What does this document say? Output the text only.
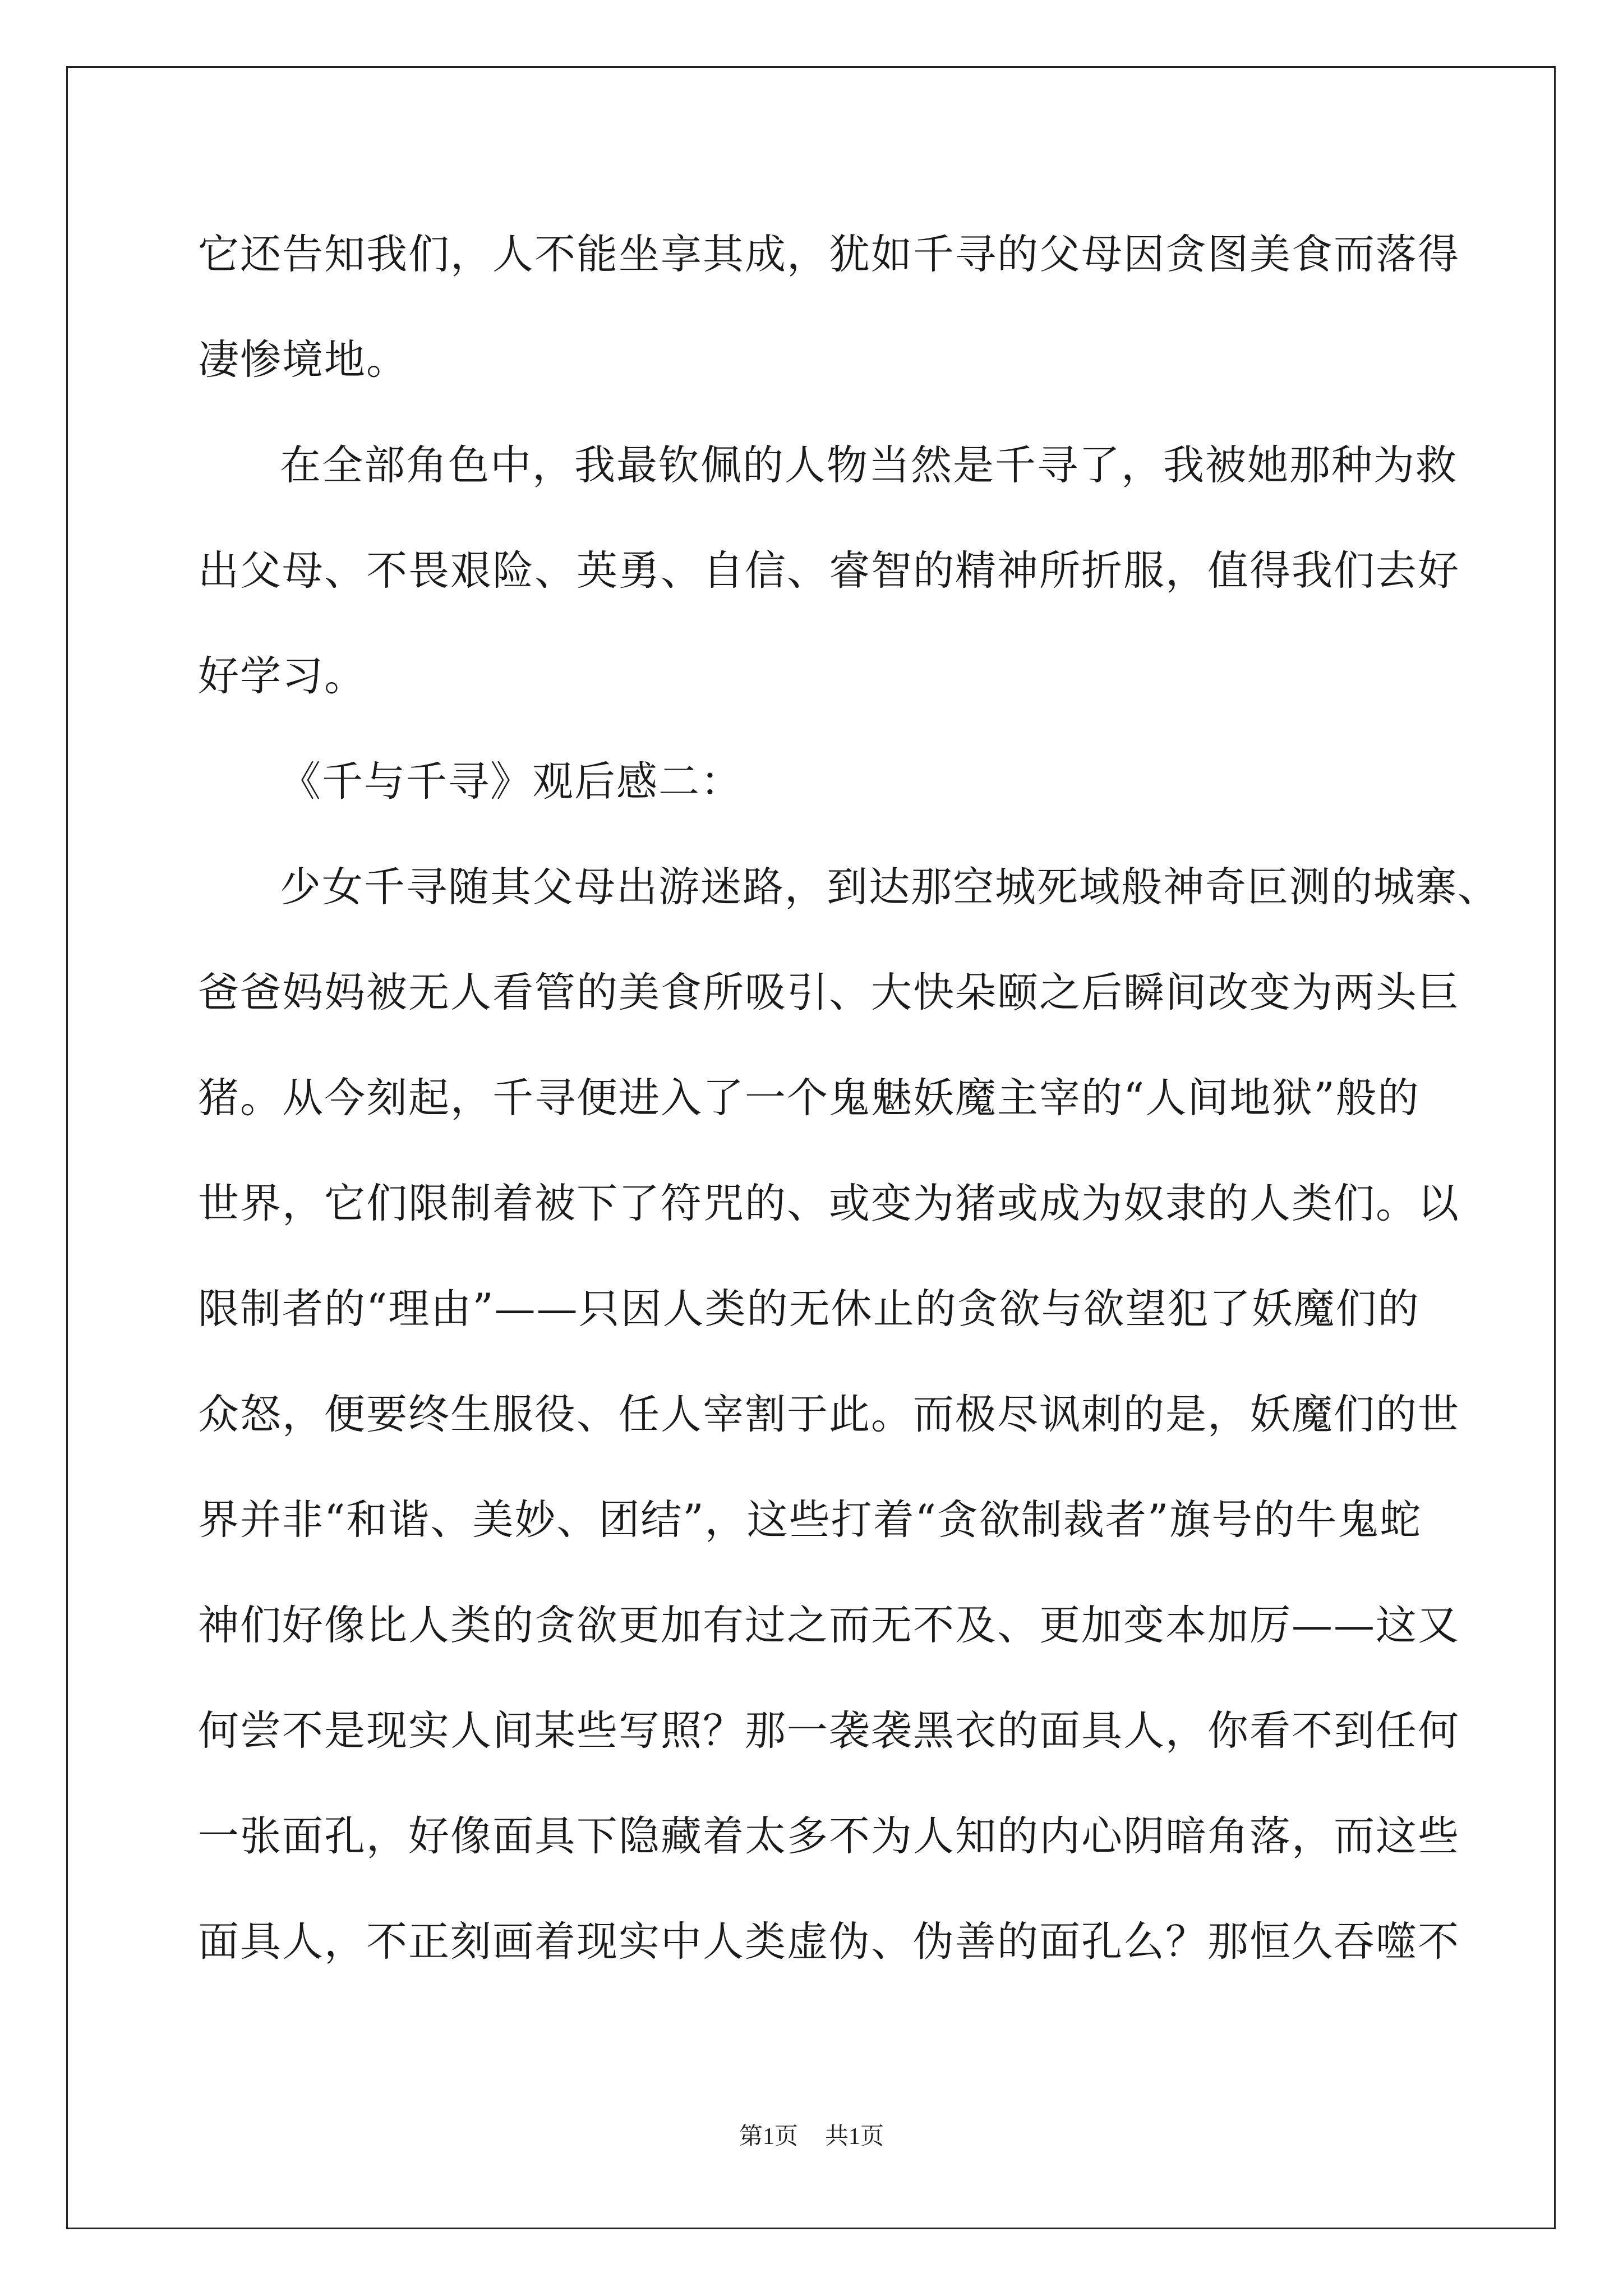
它还告知我们，人不能坐享其成，犹如千寻的父母因贪图美食而落得
凄惨境地。
在全部角色中，我最钦佩的人物当然是千寻了，我被她那种为救
出父母、不畏艰险、英勇、自信、睿智的精神所折服，值得我们去好
好学习。
《千与千寻》观后感二：
少女千寻随其父母出游迷路，到达那空城死域般神奇叵测的城寨、
爸爸妈妈被无人看管的美食所吸引、大快朵颐之后瞬间改变为两头巨
猪。从今刻起，千寻便进入了一个鬼魅妖魔主宰的“人间地狱”般的
世界，它们限制着被下了符咒的、或变为猪或成为奴隶的人类们。以
限制者的“理由”——只因人类的无休止的贪欲与欲望犯了妖魔们的
众怒，便要终生服役、任人宰割于此。而极尽讽刺的是，妖魔们的世
界并非“和谐、美妙、团结”，这些打着“贪欲制裁者”旗号的牛鬼蛇
神们好像比人类的贪欲更加有过之而无不及、更加变本加厉——这又
何尝不是现实人间某些写照？那一袭袭黑衣的面具人，你看不到任何
一张面孔，好像面具下隐藏着太多不为人知的内心阴暗角落，而这些
面具人，不正刻画着现实中人类虚伪、伪善的面孔么？那恒久吞噬不
第1页 共1页
